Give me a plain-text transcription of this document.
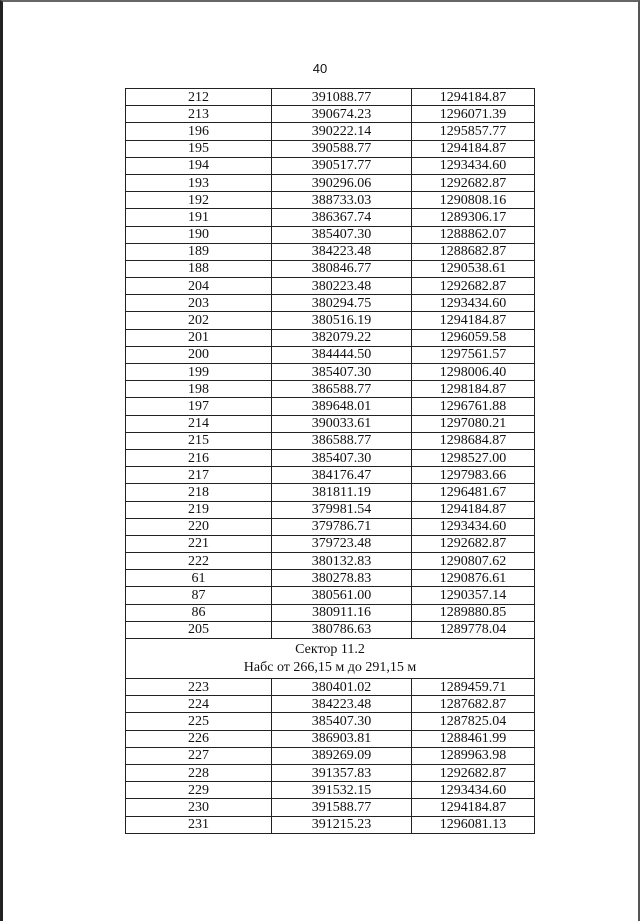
40
212	391088.77	1294184.87
213	390674.23	1296071.39
196	390222.14	1295857.77
195	390588.77	1294184.87
194	390517.77	1293434.60
193	390296.06	1292682.87
192	388733.03	1290808.16
191	386367.74	1289306.17
190	385407.30	1288862.07
189	384223.48	1288682.87
188	380846.77	1290538.61
204	380223.48	1292682.87
203	380294.75	1293434.60
202	380516.19	1294184.87
201	382079.22	1296059.58
200	384444.50	1297561.57
199	385407.30	1298006.40
198	386588.77	1298184.87
197	389648.01	1296761.88
214	390033.61	1297080.21
215	386588.77	1298684.87
216	385407.30	1298527.00
217	384176.47	1297983.66
218	381811.19	1296481.67
219	379981.54	1294184.87
220	379786.71	1293434.60
221	379723.48	1292682.87
222	380132.83	1290807.62
61	380278.83	1290876.61
87	380561.00	1290357.14
86	380911.16	1289880.85
205	380786.63	1289778.04

Сектор 11.2
Набс от 266,15 м до 291,15 м		

223	380401.02	1289459.71
224	384223.48	1287682.87
225	385407.30	1287825.04
226	386903.81	1288461.99
227	389269.09	1289963.98
228	391357.83	1292682.87
229	391532.15	1293434.60
230	391588.77	1294184.87
231	391215.23	1296081.13
